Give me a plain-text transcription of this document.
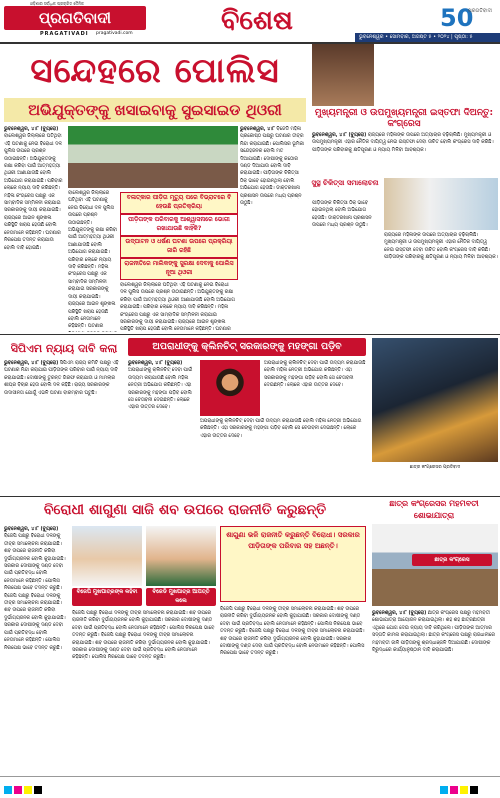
ଓଡ଼ିଶାର ସର୍ବାଧିକ ପ୍ରଚାରିତ ଦୈନିକ
ପ୍ରଗତିବାଦୀ
PRAGATIVADI pragativadi.com	ବିଶେଷ	50
ପ୍ରଗତିବାଦୀ
ଭୁବନେଶ୍ୱର • ସୋମବାର, ଅଗଷ୍ଟ ୫ • ୨୦୨୪ | ପୃଷ୍ଠା: ୫
ସନ୍ଦେହରେ ପୋଲିସ
ଅଭିଯୁକ୍ତଙ୍କୁ ଖସାଇବାକୁ ସୁଇସାଇଡ ଥିଓରୀ
ଭୁବନେଶ୍ୱର, ୪।୮ (ବ୍ୟୁରୋ) ବାଲେଶ୍ୱର ଜିଲ୍ଲାରେ ଘଟିଥିବା ଏହି ଘଟଣାକୁ ନେଇ ବିରୋଧୀ ଦଳ ପୁଲିସ ଉପରେ ପ୍ରଶ୍ନ ଉଠାଇଛନ୍ତି। ଅଭିଯୁକ୍ତଙ୍କୁ ରକ୍ଷା କରିବା ପାଇଁ ଆତ୍ମହତ୍ୟା ଥିଓରୀ ଆଣାଯାଉଛି ବୋଲି ଅଭିଯୋଗ କରାଯାଇଛି। ପରିବାର ଲୋକେ ନ୍ୟାୟ ଦାବି କରିଛନ୍ତି। ମହିଳା କଂଗ୍ରେସ ପକ୍ଷରୁ ଏକ ସାମ୍ବାଦିକ ସମ୍ମିଳନୀ କରାଯାଇ ସରକାରଙ୍କୁ ଦାୟୀ କରାଯାଇଛି। ରାଜ୍ୟରେ ଆଇନ ଶୃଙ୍ଖଳା ପରିସ୍ଥିତି ଖରାପ ହେଉଛି ବୋଲି ନେତାମାନେ କହିଛନ୍ତି। ଘଟଣାର ନିରପେକ୍ଷ ତଦନ୍ତ କରାଯାଉ ବୋଲି ଦାବି ହୋଇଛି।
ବାଲେଶ୍ୱର ଜିଲ୍ଲାରେ ଘଟିଥିବା ଏହି ଘଟଣାକୁ ନେଇ ବିରୋଧୀ ଦଳ ପୁଲିସ ଉପରେ ପ୍ରଶ୍ନ ଉଠାଇଛନ୍ତି। ଅଭିଯୁକ୍ତଙ୍କୁ ରକ୍ଷା କରିବା ପାଇଁ ଆତ୍ମହତ୍ୟା ଥିଓରୀ ଆଣାଯାଉଛି ବୋଲି ଅଭିଯୋଗ କରାଯାଇଛି। ପରିବାର ଲୋକେ ନ୍ୟାୟ ଦାବି କରିଛନ୍ତି। ମହିଳା କଂଗ୍ରେସ ପକ୍ଷରୁ ଏକ ସାମ୍ବାଦିକ ସମ୍ମିଳନୀ କରାଯାଇ ସରକାରଙ୍କୁ ଦାୟୀ କରାଯାଇଛି। ରାଜ୍ୟରେ ଆଇନ ଶୃଙ୍ଖଳା ପରିସ୍ଥିତି ଖରାପ ହେଉଛି ବୋଲି ନେତାମାନେ କହିଛନ୍ତି। ଘଟଣାର
ବଳାତ୍କାର ପୀଡ଼ିତା ମୃତ୍ୟୁ ପରେ ବିଭ୍ରାଟରେ ବି ହେଉଛି ପ୍ରତିକ୍ରିୟା
ପୀଡ଼ିତାଙ୍କ ପରିବାରକୁ ଆଶ୍ୱାସନାରେ ଭୋଗୀ ରଖାଯାଉଛି କାହିଁକି?
ଉଦ୍‌ଘାଟନ ଓ ଧର୍ଷଣ ଘଟଣା ଉପରେ ପ୍ରକ୍ରିୟା ଜାରି ରହିଛି
ରାଜନୀତିରେ ମାଲିକଙ୍କୁ ସୁରକ୍ଷା ଦେବାକୁ ପୋଲିସ ନୂଆ ଥିଓରୀ
ବାଲେଶ୍ୱର ଜିଲ୍ଲାରେ ଘଟିଥିବା ଏହି ଘଟଣାକୁ ନେଇ ବିରୋଧୀ ଦଳ ପୁଲିସ ଉପରେ ପ୍ରଶ୍ନ ଉଠାଇଛନ୍ତି। ଅଭିଯୁକ୍ତଙ୍କୁ ରକ୍ଷା କରିବା ପାଇଁ ଆତ୍ମହତ୍ୟା ଥିଓରୀ ଆଣାଯାଉଛି ବୋଲି ଅଭିଯୋଗ କରାଯାଇଛି। ପରିବାର ଲୋକେ ନ୍ୟାୟ ଦାବି କରିଛନ୍ତି। ମହିଳା କଂଗ୍ରେସ ପକ୍ଷରୁ ଏକ ସାମ୍ବାଦିକ ସମ୍ମିଳନୀ କରାଯାଇ ସରକାରଙ୍କୁ ଦାୟୀ କରାଯାଇଛି। ରାଜ୍ୟରେ ଆଇନ ଶୃଙ୍ଖଳା ପରିସ୍ଥିତି ଖରାପ ହେଉଛି ବୋଲି ନେତାମାନେ କହିଛନ୍ତି। ଘଟଣାର
ଭୁବନେଶ୍ୱର, ୪।୮ ବିଜେଡି ମହିଳା ପ୍ରକୋଷ୍ଠ ପକ୍ଷରୁ ଘଟଣାର ତୀବ୍ର ନିନ୍ଦା କରାଯାଇଛି। ପୋଲିସର ଭୂମିକା ସନ୍ଦେହଜନକ ବୋଲି ମତ ଦିଆଯାଇଛି। ଦୋଷୀଙ୍କୁ କଠୋର ଦଣ୍ଡ ଦିଆଯାଉ ବୋଲି ଦାବି କରାଯାଇଛି। ପୀଡ଼ିତାଙ୍କ ଚିକିତ୍ସା ଠିକ୍ ଭାବେ ହୋଇନଥିଲା ବୋଲି ଅଭିଯୋଗ ହେଉଛି। ଡାକ୍ତରଖାନା ପ୍ରଶାସନ ଉପରେ ମଧ୍ୟ ପ୍ରଶ୍ନ ଉଠୁଛି।
ମୁଖ୍ୟମନ୍ତ୍ରୀ ଓ ଉପମୁଖ୍ୟମନ୍ତ୍ରୀ ଇସ୍ତଫା ଦିଅନ୍ତୁ: କଂଗ୍ରେସ
ଭୁବନେଶ୍ୱର, ୪।୮ (ବ୍ୟୁରୋ) ରାଜ୍ୟରେ ମହିଳାଙ୍କ ଉପରେ ଅତ୍ୟାଚାର ବଢ଼ିଚାଲିଛି। ମୁଖ୍ୟମନ୍ତ୍ରୀ ଓ ଉପମୁଖ୍ୟମନ୍ତ୍ରୀ ଏହାର ନୈତିକ ଦାୟିତ୍ୱ ନେଇ ଇସ୍ତଫା ଦେବା ଉଚିତ ବୋଲି କଂଗ୍ରେସ ଦାବି କରିଛି। ପୀଡ଼ିତାଙ୍କ ପରିବାରକୁ କ୍ଷତିପୂରଣ ଓ ନ୍ୟାୟ ମିଳିବା ଆବଶ୍ୟକ।
ସୁସ୍ଥ ଚିକିତ୍ସା ସମାଲୋଚନା
ପୀଡ଼ିତାଙ୍କ ଚିକିତ୍ସା ଠିକ୍ ଭାବେ ହୋଇନଥିଲା ବୋଲି ଅଭିଯୋଗ ହେଉଛି। ଡାକ୍ତରଖାନା ପ୍ରଶାସନ ଉପରେ ମଧ୍ୟ ପ୍ରଶ୍ନ ଉଠୁଛି।
ରାଜ୍ୟରେ ମହିଳାଙ୍କ ଉପରେ ଅତ୍ୟାଚାର ବଢ଼ିଚାଲିଛି। ମୁଖ୍ୟମନ୍ତ୍ରୀ ଓ ଉପମୁଖ୍ୟମନ୍ତ୍ରୀ ଏହାର ନୈତିକ ଦାୟିତ୍ୱ ନେଇ ଇସ୍ତଫା ଦେବା ଉଚିତ ବୋଲି କଂଗ୍ରେସ ଦାବି କରିଛି। ପୀଡ଼ିତାଙ୍କ ପରିବାରକୁ କ୍ଷତିପୂରଣ ଓ ନ୍ୟାୟ ମିଳିବା ଆବଶ୍ୟକ।
ସିପିଏମ ନ୍ୟାୟ ଦାବି କଲା
ଭୁବନେଶ୍ୱର, ୪।୮ (ବ୍ୟୁରୋ) ସିପିଏମ ରାଜ୍ୟ କମିଟି ପକ୍ଷରୁ ଏହି ଘଟଣାର ନିନ୍ଦା କରାଯାଇ ପୀଡ଼ିତାଙ୍କ ପରିବାର ପାଇଁ ନ୍ୟାୟ ଦାବି କରାଯାଇଛି। ଦୋଷୀଙ୍କୁ ତୁରନ୍ତ ଗିରଫ କରାଯାଉ ଓ ମାମଲାର ଶୀଘ୍ର ବିଚାର ହେଉ ବୋଲି ଦଳ କହିଛି। ରାଜ୍ୟ ସରକାରଙ୍କ ଉଦାସୀନତା ଯୋଗୁଁ ଏଭଳି ଘଟଣା ବାରମ୍ବାର ଘଟୁଛି।
ଅପରାଧୀଙ୍କୁ କ୍ଲିନଚିଟ୍ ସରକାରଙ୍କୁ ମହଙ୍ଗା ପଡ଼ିବ
ଭୁବନେଶ୍ୱର, ୪।୮ (ବ୍ୟୁରୋ) ଅପରାଧୀଙ୍କୁ କ୍ଲିନଚିଟ୍ ଦେବା ପାଇଁ ଉଦ୍ୟମ କରାଯାଉଛି ବୋଲି ମହିଳା ନେତ୍ରୀ ଅଭିଯୋଗ କରିଛନ୍ତି। ଏହା ସରକାରଙ୍କୁ ମହଙ୍ଗା ପଡ଼ିବ ବୋଲି ସେ ଚେତାବନୀ ଦେଇଛନ୍ତି। ଲୋକେ ଏହାର ଉତ୍ତର ଦେବେ।
ଅପରାଧୀଙ୍କୁ କ୍ଲିନଚିଟ୍ ଦେବା ପାଇଁ ଉଦ୍ୟମ କରାଯାଉଛି ବୋଲି ମହିଳା ନେତ୍ରୀ ଅଭିଯୋଗ କରିଛନ୍ତି। ଏହା ସରକାରଙ୍କୁ ମହଙ୍ଗା ପଡ଼ିବ ବୋଲି ସେ ଚେତାବନୀ ଦେଇଛନ୍ତି। ଲୋକେ ଏହାର ଉତ୍ତର ଦେବେ।
ଅପରାଧୀଙ୍କୁ କ୍ଲିନଚିଟ୍ ଦେବା ପାଇଁ ଉଦ୍ୟମ କରାଯାଉଛି ବୋଲି ମହିଳା ନେତ୍ରୀ ଅଭିଯୋଗ କରିଛନ୍ତି। ଏହା ସରକାରଙ୍କୁ ମହଙ୍ଗା ପଡ଼ିବ ବୋଲି ସେ ଚେତାବନୀ ଦେଇଛନ୍ତି। ଲୋକେ ଏହାର ଉତ୍ତର ଦେବେ।
ଛାତ୍ର କଂଗ୍ରେସର ପ୍ରତିବାଦ
ବିରୋଧୀ ଶାଗୁଣା ସାଜି ଶବ ଉପରେ ରାଜନୀତି କରୁଛନ୍ତି
ଭୁବନେଶ୍ୱର, ୪।୮ (ବ୍ୟୁରୋ) ବିଜେପି ପକ୍ଷରୁ ବିରୋଧୀ ଦଳଙ୍କୁ ତୀବ୍ର ସମାଲୋଚନା କରାଯାଇଛି। ଶବ ଉପରେ ରାଜନୀତି କରିବା ଦୁର୍ଭାଗ୍ୟଜନକ ବୋଲି କୁହାଯାଇଛି। ସରକାର ଦୋଷୀଙ୍କୁ ଦଣ୍ଡ ଦେବା ପାଇଁ ପ୍ରତିବଦ୍ଧ ବୋଲି ନେତାମାନେ କହିଛନ୍ତି। ପୋଲିସ ନିରପେକ୍ଷ ଭାବେ ତଦନ୍ତ କରୁଛି। ବିଜେପି ପକ୍ଷରୁ ବିରୋଧୀ ଦଳଙ୍କୁ ତୀବ୍ର ସମାଲୋଚନା କରାଯାଇଛି। ଶବ ଉପରେ ରାଜନୀତି କରିବା ଦୁର୍ଭାଗ୍ୟଜନକ ବୋଲି କୁହାଯାଇଛି। ସରକାର ଦୋଷୀଙ୍କୁ ଦଣ୍ଡ ଦେବା ପାଇଁ ପ୍ରତିବଦ୍ଧ ବୋଲି ନେତାମାନେ କହିଛନ୍ତି। ପୋଲିସ ନିରପେକ୍ଷ ଭାବେ ତଦନ୍ତ କରୁଛି।
ବିଜେପି ମୁଖପାତ୍ରଙ୍କ କହିବା	ବିଜେଡି ମୁଖପାତ୍ର ଆପତ୍ତି କଲେ
ବିଜେପି ପକ୍ଷରୁ ବିରୋଧୀ ଦଳଙ୍କୁ ତୀବ୍ର ସମାଲୋଚନା କରାଯାଇଛି। ଶବ ଉପରେ ରାଜନୀତି କରିବା ଦୁର୍ଭାଗ୍ୟଜନକ ବୋଲି କୁହାଯାଇଛି। ସରକାର ଦୋଷୀଙ୍କୁ ଦଣ୍ଡ ଦେବା ପାଇଁ ପ୍ରତିବଦ୍ଧ ବୋଲି ନେତାମାନେ କହିଛନ୍ତି। ପୋଲିସ ନିରପେକ୍ଷ ଭାବେ ତଦନ୍ତ କରୁଛି। ବିଜେପି ପକ୍ଷରୁ ବିରୋଧୀ ଦଳଙ୍କୁ ତୀବ୍ର ସମାଲୋଚନା କରାଯାଇଛି। ଶବ ଉପରେ ରାଜନୀତି କରିବା ଦୁର୍ଭାଗ୍ୟଜନକ ବୋଲି କୁହାଯାଇଛି। ସରକାର ଦୋଷୀଙ୍କୁ ଦଣ୍ଡ ଦେବା ପାଇଁ ପ୍ରତିବଦ୍ଧ ବୋଲି ନେତାମାନେ କହିଛନ୍ତି। ପୋଲିସ ନିରପେକ୍ଷ ଭାବେ ତଦନ୍ତ କରୁଛି।
ଶାଗୁଣା ଭଳି ରାଜନୀତି କରୁଛନ୍ତି ବିରୋଧୀ। ସରକାର ପୀଡ଼ିତାଙ୍କ ପରିବାର ସହ ଅଛନ୍ତି।
ବିଜେପି ପକ୍ଷରୁ ବିରୋଧୀ ଦଳଙ୍କୁ ତୀବ୍ର ସମାଲୋଚନା କରାଯାଇଛି। ଶବ ଉପରେ ରାଜନୀତି କରିବା ଦୁର୍ଭାଗ୍ୟଜନକ ବୋଲି କୁହାଯାଇଛି। ସରକାର ଦୋଷୀଙ୍କୁ ଦଣ୍ଡ ଦେବା ପାଇଁ ପ୍ରତିବଦ୍ଧ ବୋଲି ନେତାମାନେ କହିଛନ୍ତି। ପୋଲିସ ନିରପେକ୍ଷ ଭାବେ ତଦନ୍ତ କରୁଛି। ବିଜେପି ପକ୍ଷରୁ ବିରୋଧୀ ଦଳଙ୍କୁ ତୀବ୍ର ସମାଲୋଚନା କରାଯାଇଛି। ଶବ ଉପରେ ରାଜନୀତି କରିବା ଦୁର୍ଭାଗ୍ୟଜନକ ବୋଲି କୁହାଯାଇଛି। ସରକାର ଦୋଷୀଙ୍କୁ ଦଣ୍ଡ ଦେବା ପାଇଁ ପ୍ରତିବଦ୍ଧ ବୋଲି ନେତାମାନେ କହିଛନ୍ତି। ପୋଲିସ ନିରପେକ୍ଷ ଭାବେ ତଦନ୍ତ କରୁଛି।
ଛାତ୍ର କଂଗ୍ରେସର ମହମବତୀ ଶୋଭାଯାତ୍ରା
ଛାତ୍ର କଂଗ୍ରେସ
ଭୁବନେଶ୍ୱର, ୪।୮ (ବ୍ୟୁରୋ) ଛାତ୍ର କଂଗ୍ରେସ ପକ୍ଷରୁ ମହମବତୀ ଶୋଭାଯାତ୍ରା ଆୟୋଜନ କରାଯାଇଥିଲା। ଶହ ଶହ ଛାତ୍ରଛାତ୍ରୀ ଏଥିରେ ଯୋଗ ଦେଇ ନ୍ୟାୟ ଦାବି କରିଥିଲେ। ପୀଡ଼ିତାଙ୍କ ଆତ୍ମାର ସଦ୍‌ଗତି କାମନା କରାଯାଇଥିଲା। ଛାତ୍ର କଂଗ୍ରେସ ପକ୍ଷରୁ ରାଜଧାନୀରେ ମହମବତୀ ଜାଳି ପୀଡ଼ିତାଙ୍କୁ ଶ୍ରଦ୍ଧାଞ୍ଜଳି ଦିଆଯାଇଛି। ଦୋଷୀଙ୍କ ବିରୁଦ୍ଧରେ କାର୍ଯ୍ୟାନୁଷ୍ଠାନ ଦାବି କରାଯାଇଛି।
